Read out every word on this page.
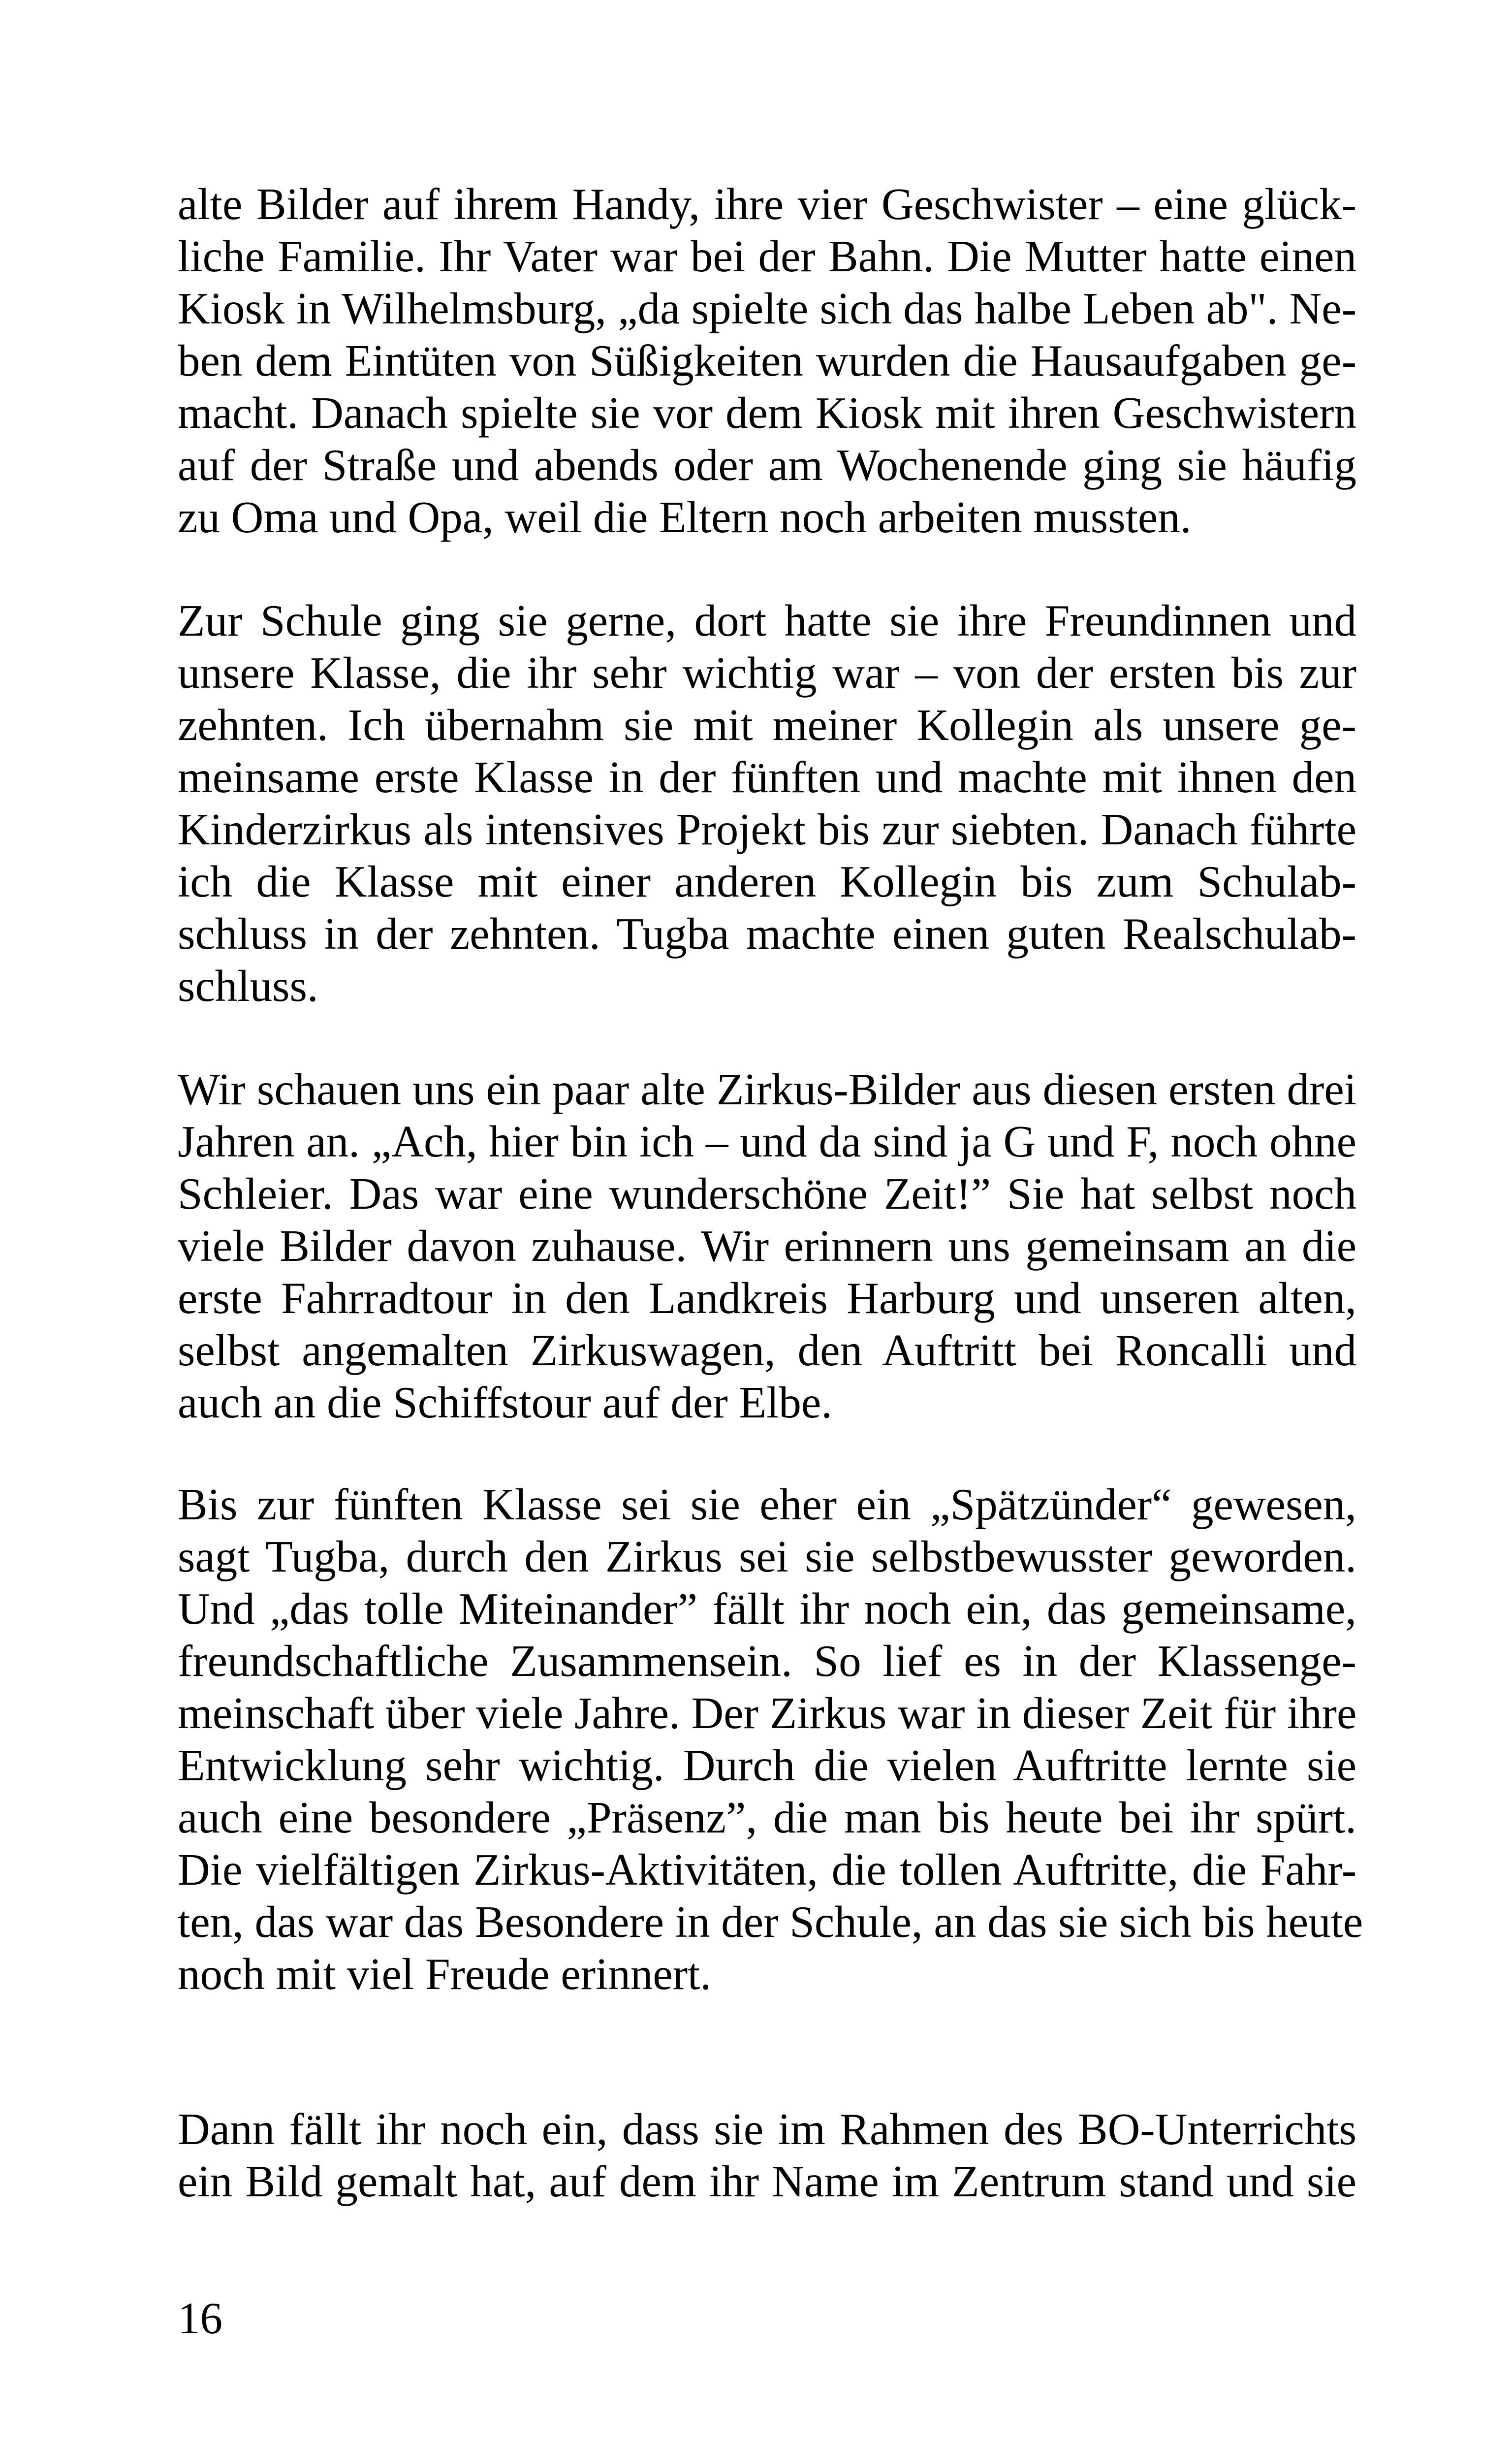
alte Bilder auf ihrem Handy, ihre vier Geschwister – eine glück-
liche Familie. Ihr Vater war bei der Bahn. Die Mutter hatte einen
Kiosk in Wilhelmsburg, „da spielte sich das halbe Leben ab". Ne-
ben dem Eintüten von Süßigkeiten wurden die Hausaufgaben ge-
macht. Danach spielte sie vor dem Kiosk mit ihren Geschwistern
auf der Straße und abends oder am Wochenende ging sie häufig
zu Oma und Opa, weil die Eltern noch arbeiten mussten.
Zur Schule ging sie gerne, dort hatte sie ihre Freundinnen und
unsere Klasse, die ihr sehr wichtig war – von der ersten bis zur
zehnten. Ich übernahm sie mit meiner Kollegin als unsere ge-
meinsame erste Klasse in der fünften und machte mit ihnen den
Kinderzirkus als intensives Projekt bis zur siebten. Danach führte
ich die Klasse mit einer anderen Kollegin bis zum Schulab-
schluss in der zehnten. Tugba machte einen guten Realschulab-
schluss.
Wir schauen uns ein paar alte Zirkus-Bilder aus diesen ersten drei
Jahren an. „Ach, hier bin ich – und da sind ja G und F, noch ohne
Schleier. Das war eine wunderschöne Zeit!” Sie hat selbst noch
viele Bilder davon zuhause. Wir erinnern uns gemeinsam an die
erste Fahrradtour in den Landkreis Harburg und unseren alten,
selbst angemalten Zirkuswagen, den Auftritt bei Roncalli und
auch an die Schiffstour auf der Elbe.
Bis zur fünften Klasse sei sie eher ein „Spätzünder“ gewesen,
sagt Tugba, durch den Zirkus sei sie selbstbewusster geworden.
Und „das tolle Miteinander” fällt ihr noch ein, das gemeinsame,
freundschaftliche Zusammensein. So lief es in der Klassenge-
meinschaft über viele Jahre. Der Zirkus war in dieser Zeit für ihre
Entwicklung sehr wichtig. Durch die vielen Auftritte lernte sie
auch eine besondere „Präsenz”, die man bis heute bei ihr spürt.
Die vielfältigen Zirkus-Aktivitäten, die tollen Auftritte, die Fahr-
ten, das war das Besondere in der Schule, an das sie sich bis heute
noch mit viel Freude erinnert.
Dann fällt ihr noch ein, dass sie im Rahmen des BO-Unterrichts
ein Bild gemalt hat, auf dem ihr Name im Zentrum stand und sie
16
